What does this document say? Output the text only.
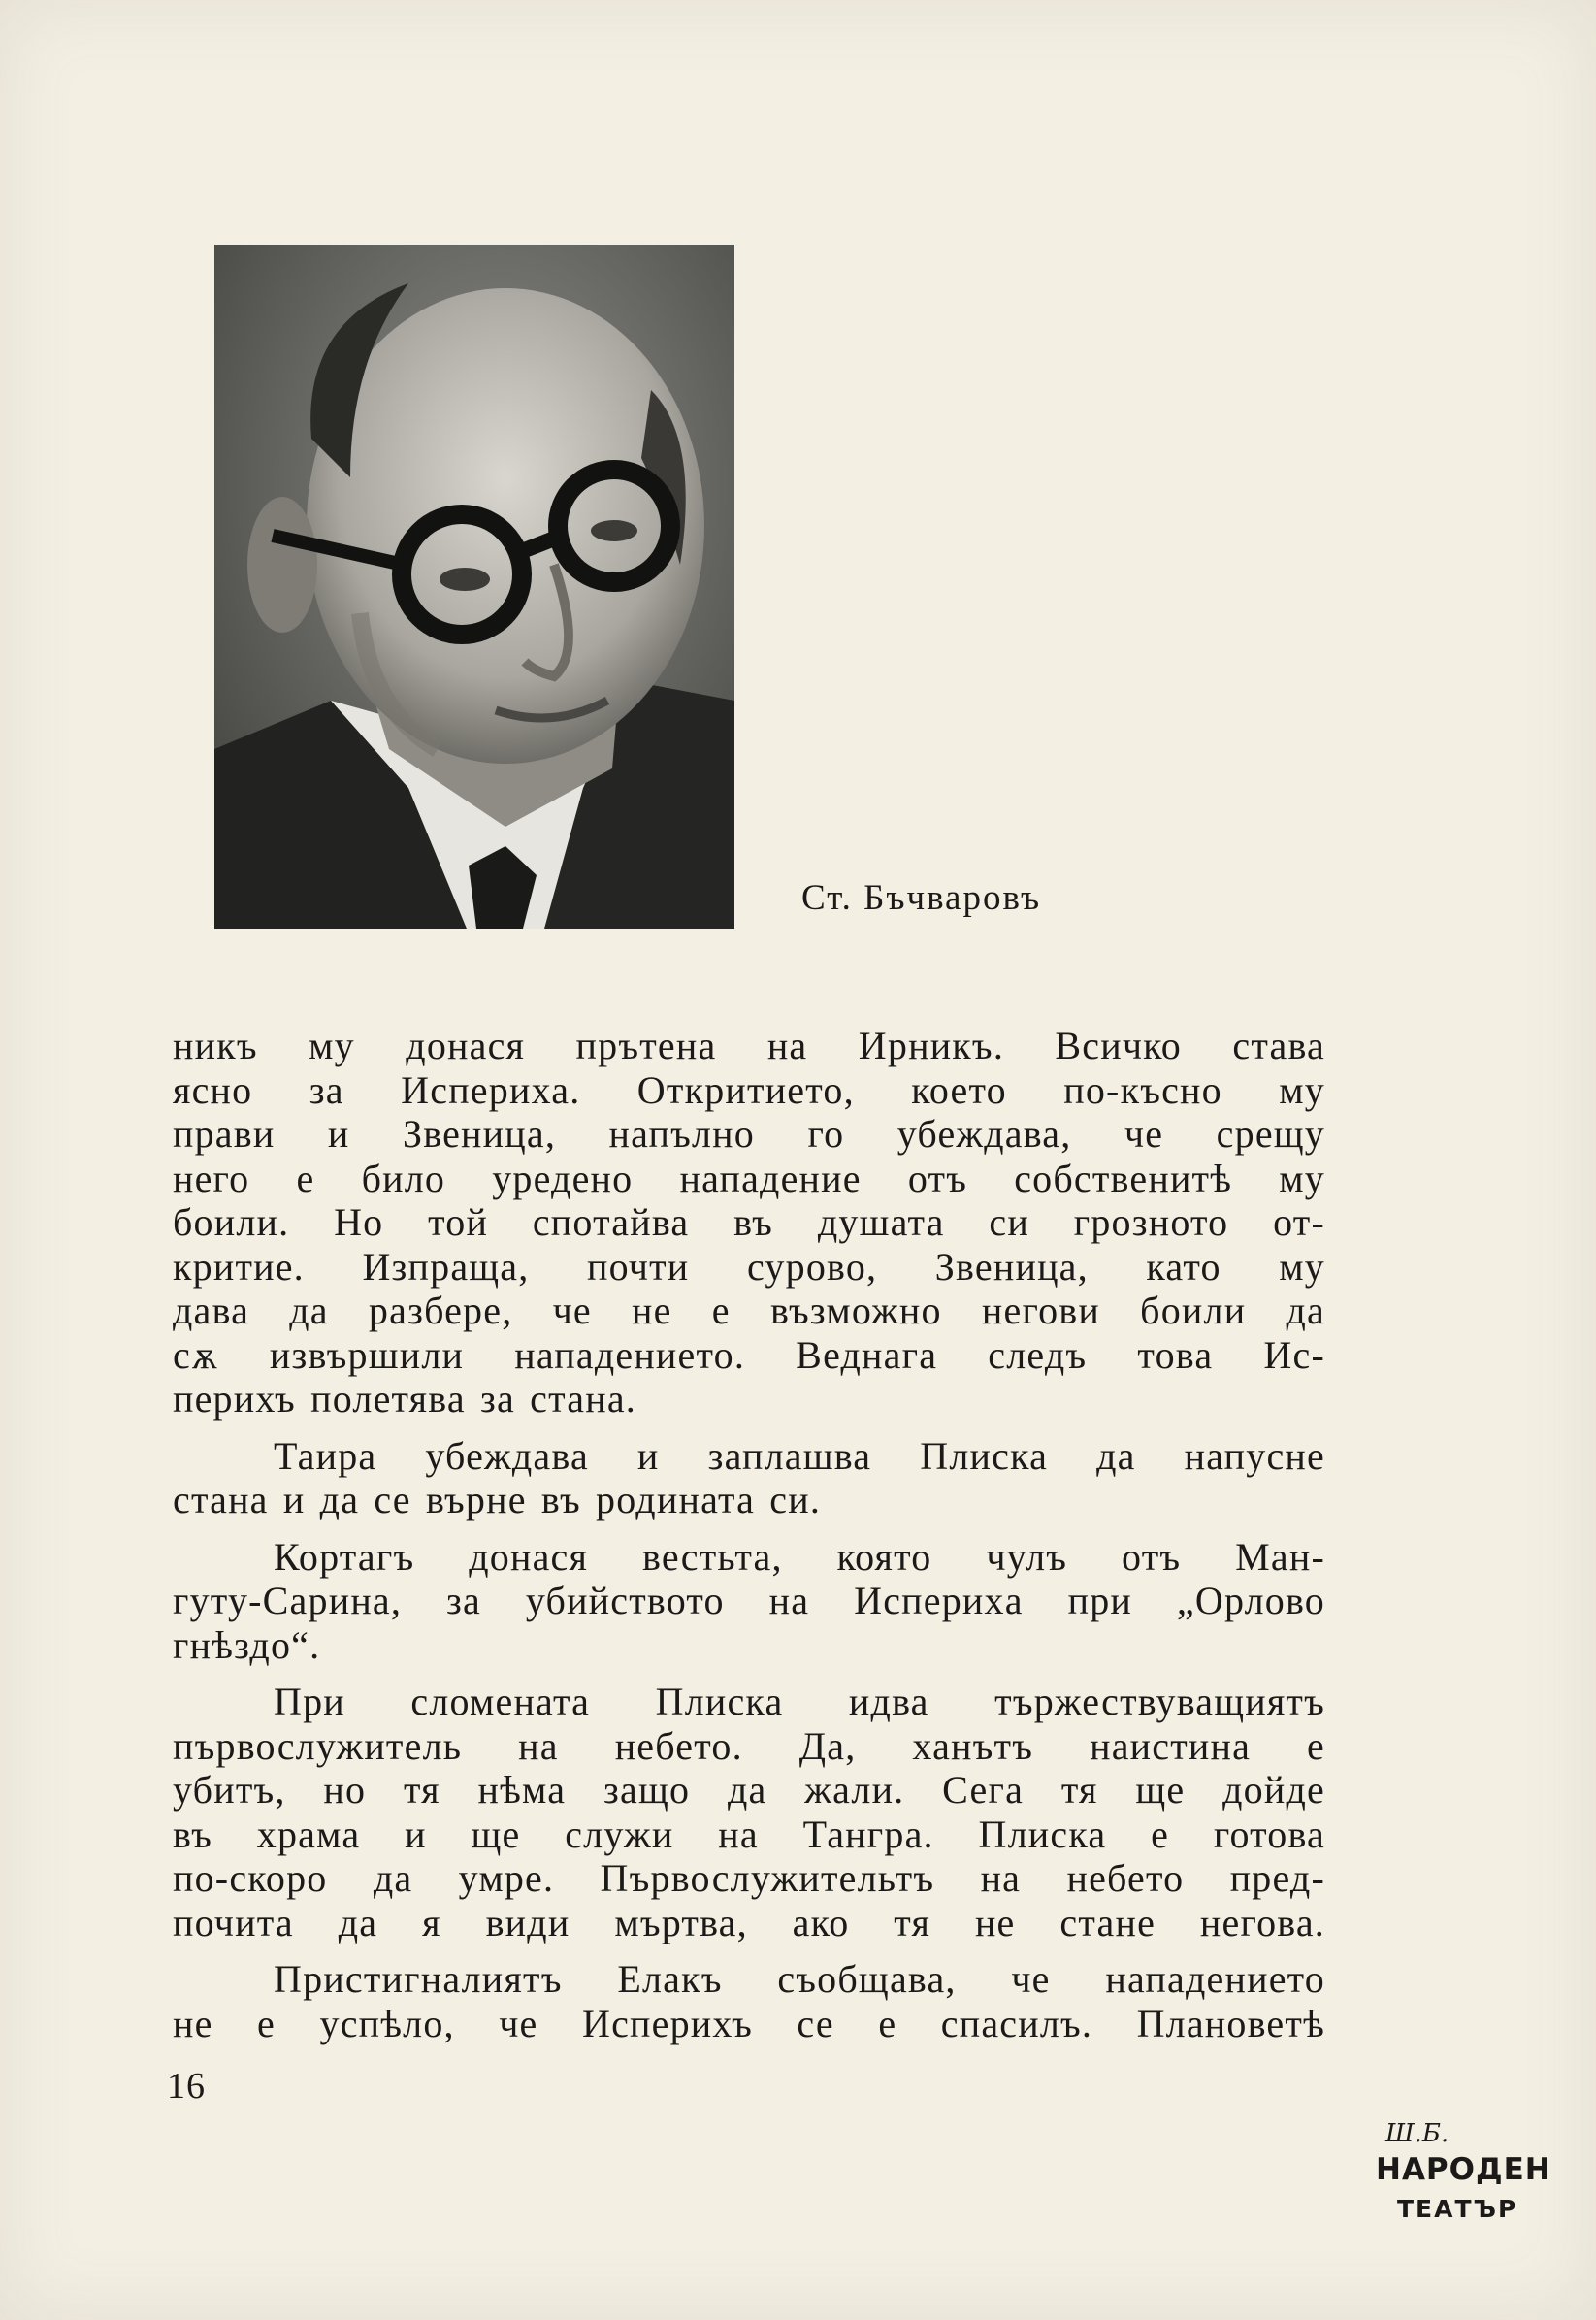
Ст. Бъчваровъ

никъ му донася прътена на Ирникъ. Всичко става
ясно за Испериха. Откритието, което по-късно му
прави и Звеница, напълно го убеждава, че срещу
него е било уредено нападение отъ собственитѣ му
боили. Но той спотайва въ душата си грозното от-
критие. Изпраща, почти сурово, Звеница, като му
дава да разбере, че не е възможно негови боили да
сѫ извършили нападението. Веднага следъ това Ис-
перихъ полетява за стана.

Таира убеждава и заплашва Плиска да напусне
стана и да се върне въ родината си.

Кортагъ донася вестьта, която чулъ отъ Ман-
гуту-Сарина, за убийството на Исперихa при „Орлово
гнѣздо“.

При сломената Плиска идва тържествуващиятъ
първослужитель на небето. Да, ханътъ наистина е
убитъ, но тя нѣма защо да жали. Сега тя ще дойде
въ храма и ще служи на Тангра. Плиска е готова
по-скоро да умре. Първослужительтъ на небето пред-
почита да я види мъртва, ако тя не стане негова.

Пристигналиятъ Елакъ съобщава, че нападението
не е успѣло, че Исперихъ се е спасилъ. Плановетѣ

16
Ш.Б.
НАРОДЕН
ТЕАТЪР
